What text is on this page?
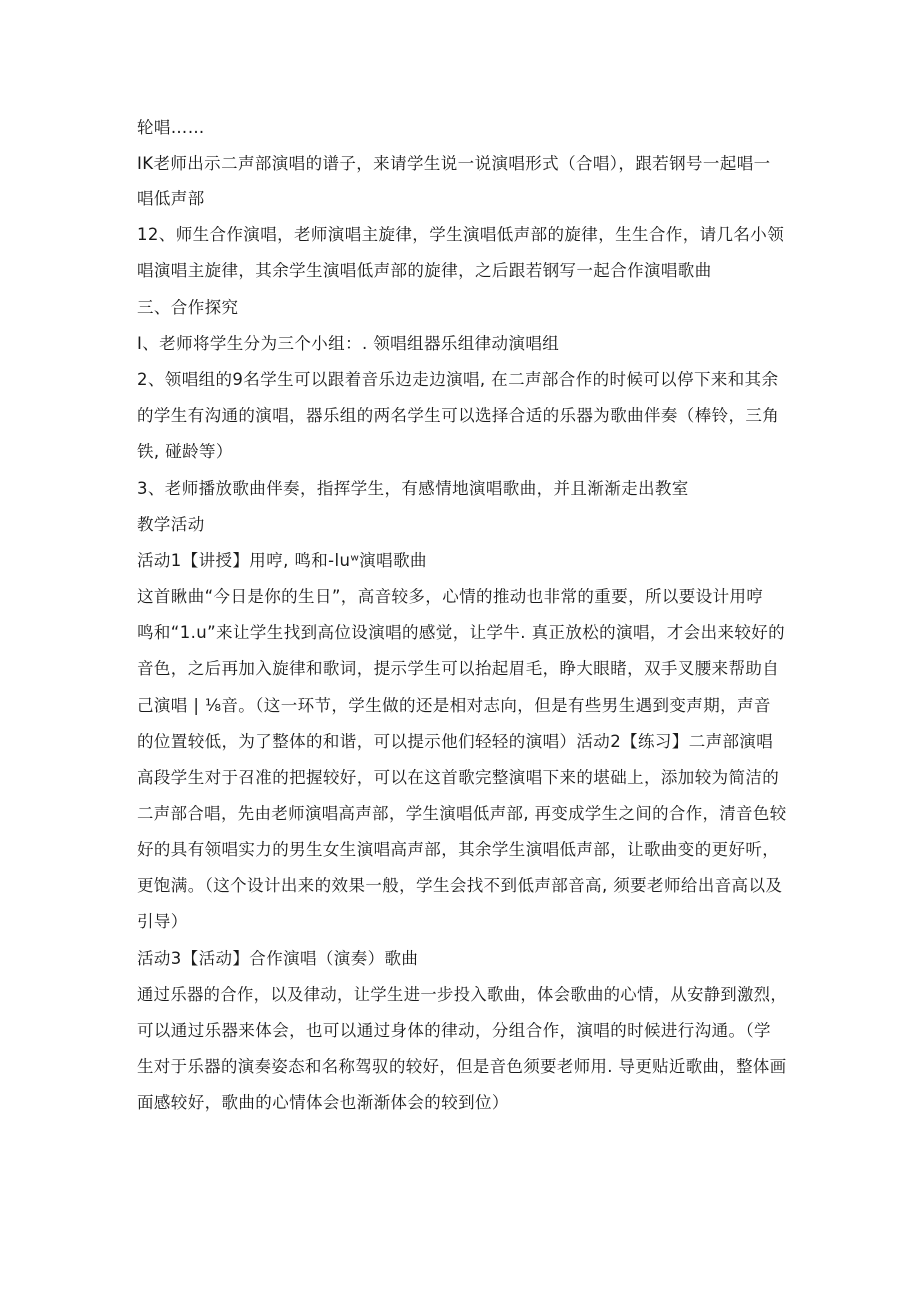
轮唱……

IK老师出示二声部演唱的谱子，来请学生说一说演唱形式（合唱），跟若钢号一起唱一

唱低声部

12、师生合作演唱，老师演唱主旋律，学生演唱低声部的旋律，生生合作，请几名小领

唱演唱主旋律，其余学生演唱低声部的旋律，之后跟若钢写一起合作演唱歌曲

三、合作探究

I、老师将学生分为三个小组：. 领唱组器乐组律动演唱组

2、领唱组的9名学生可以跟着音乐边走边演唱, 在二声部合作的时候可以停下来和其余

的学生有沟通的演唱，器乐组的两名学生可以选择合适的乐器为歌曲伴奏（棒铃，三角

铁, 碰龄等）

3、老师播放歌曲伴奏，指挥学生，有感情地演唱歌曲，并且渐渐走出教室

教学活动

活动1【讲授】用哼, 鸣和-luʷ演唱歌曲

这首瞅曲“今日是你的生日”，高音较多，心情的推动也非常的重要，所以要设计用哼

鸣和“1.u”来让学生找到高位设演唱的感觉，让学牛. 真正放松的演唱，才会出来较好的

音色，之后再加入旋律和歌词，提示学生可以抬起眉毛，睁大眼睹，双手叉腰来帮助自

己演唱 | ⅛音。（这一环节，学生做的还是相对志向，但是有些男生遇到变声期，声音

的位置较低，为了整体的和谐，可以提示他们轻轻的演唱）活动2【练习】二声部演唱

高段学生对于召准的把握较好，可以在这首歌完整演唱下来的堪础上，添加较为简洁的

二声部合唱，先由老师演唱高声部，学生演唱低声部, 再变成学生之间的合作，清音色较

好的具有领唱实力的男生女生演唱高声部，其余学生演唱低声部，让歌曲变的更好听，

更饱满。（这个设计出来的效果一般，学生会找不到低声部音高, 须要老师给出音高以及

引导）

活动3【活动】合作演唱（演奏）歌曲

通过乐器的合作，以及律动，让学生进一步投入歌曲，体会歌曲的心情，从安静到激烈，

可以通过乐器来体会，也可以通过身体的律动，分组合作，演唱的时候进行沟通。（学

生对于乐器的演奏姿态和名称驾驭的较好，但是音色须要老师用. 导更贴近歌曲，整体画

面感较好，歌曲的心情体会也渐渐体会的较到位）
